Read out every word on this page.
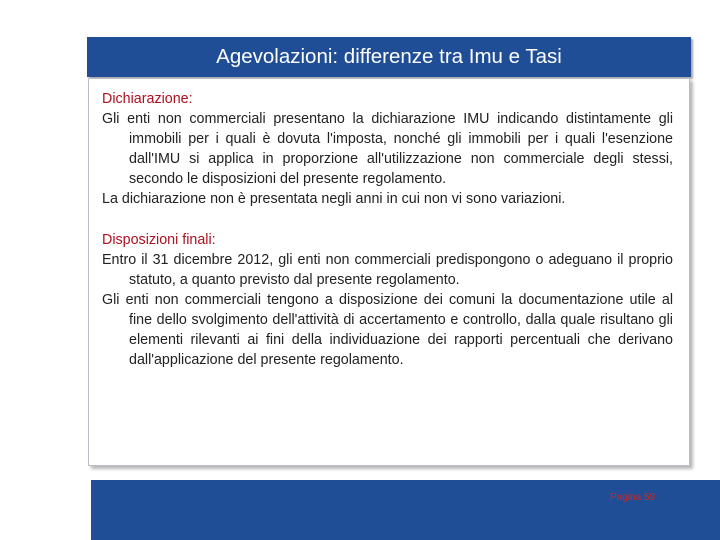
Agevolazioni: differenze tra Imu e Tasi
Dichiarazione:
Gli enti non commerciali presentano la dichiarazione IMU indicando distintamente gli immobili per i quali è dovuta l'imposta, nonché gli immobili per i quali l'esenzione dall'IMU si applica in proporzione all'utilizzazione non commerciale degli stessi, secondo le disposizioni del presente regolamento.
La dichiarazione non è presentata negli anni in cui non vi sono variazioni.
Disposizioni finali:
Entro il 31 dicembre 2012, gli enti non commerciali predispongono o adeguano il proprio statuto, a quanto previsto dal presente regolamento.
Gli enti non commerciali tengono a disposizione dei comuni la documentazione utile al fine dello svolgimento dell'attività di accertamento e controllo, dalla quale risultano gli elementi rilevanti ai fini della individuazione dei rapporti percentuali che derivano dall'applicazione del presente regolamento.
Pagina 59
